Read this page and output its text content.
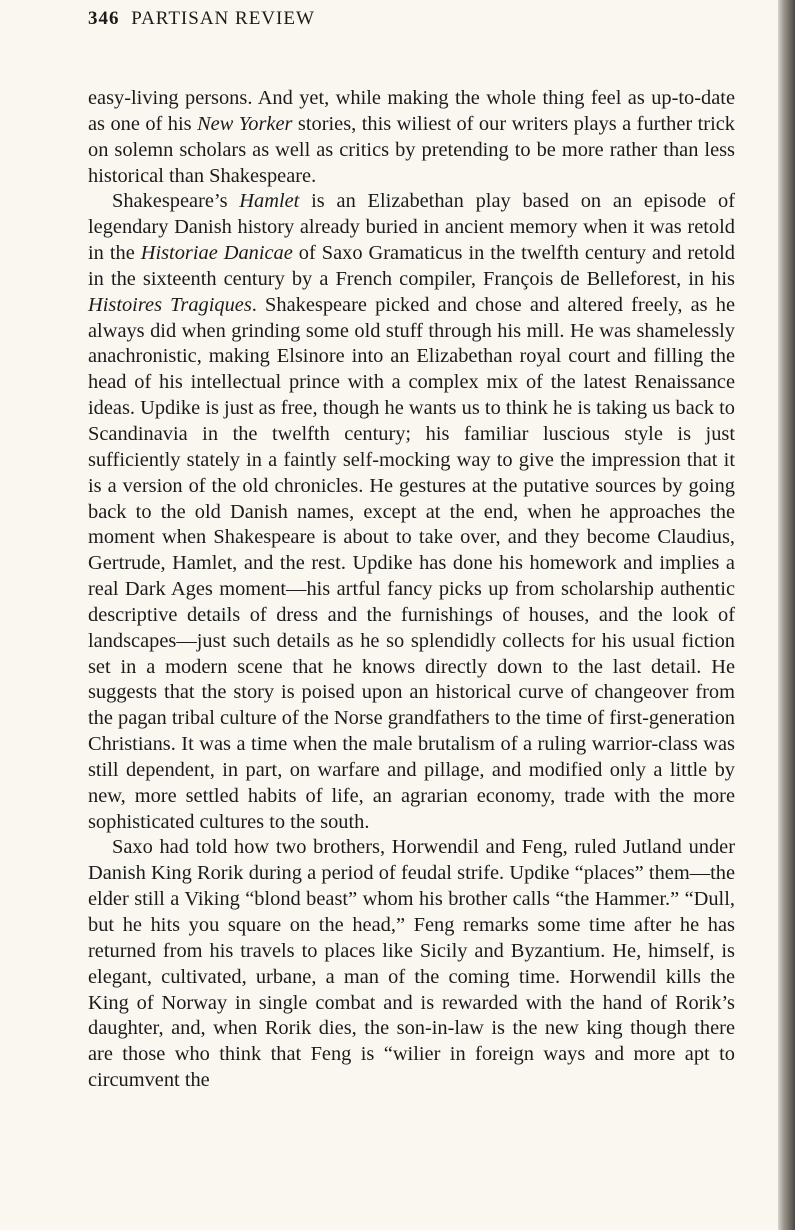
346 PARTISAN REVIEW

easy-living persons. And yet, while making the whole thing feel as up-to-date as one of his New Yorker stories, this wiliest of our writers plays a further trick on solemn scholars as well as critics by pretending to be more rather than less historical than Shakespeare.

Shakespeare’s Hamlet is an Elizabethan play based on an episode of legendary Danish history already buried in ancient memory when it was retold in the Historiae Danicae of Saxo Gramaticus in the twelfth century and retold in the sixteenth century by a French compiler, François de Belleforest, in his Histoires Tragiques. Shakespeare picked and chose and altered freely, as he always did when grinding some old stuff through his mill. He was shamelessly anachronistic, making Elsinore into an Elizabethan royal court and filling the head of his intellectual prince with a complex mix of the latest Renaissance ideas. Updike is just as free, though he wants us to think he is taking us back to Scandinavia in the twelfth century; his familiar luscious style is just sufficiently stately in a faintly self-mocking way to give the impression that it is a version of the old chronicles. He gestures at the putative sources by going back to the old Danish names, except at the end, when he approaches the moment when Shakespeare is about to take over, and they become Claudius, Gertrude, Hamlet, and the rest. Updike has done his homework and implies a real Dark Ages moment—his artful fancy picks up from scholarship authentic descriptive details of dress and the furnishings of houses, and the look of landscapes—just such details as he so splendidly collects for his usual fiction set in a modern scene that he knows directly down to the last detail. He suggests that the story is poised upon an historical curve of changeover from the pagan tribal culture of the Norse grandfathers to the time of first-generation Christians. It was a time when the male brutalism of a ruling warrior-class was still dependent, in part, on warfare and pillage, and modified only a little by new, more settled habits of life, an agrarian economy, trade with the more sophisticated cultures to the south.

Saxo had told how two brothers, Horwendil and Feng, ruled Jutland under Danish King Rorik during a period of feudal strife. Updike “places” them—the elder still a Viking “blond beast” whom his brother calls “the Hammer.” “Dull, but he hits you square on the head,” Feng remarks some time after he has returned from his travels to places like Sicily and Byzantium. He, himself, is elegant, cultivated, urbane, a man of the coming time. Horwendil kills the King of Norway in single combat and is rewarded with the hand of Rorik’s daughter, and, when Rorik dies, the son-in-law is the new king though there are those who think that Feng is “wilier in foreign ways and more apt to circumvent the
